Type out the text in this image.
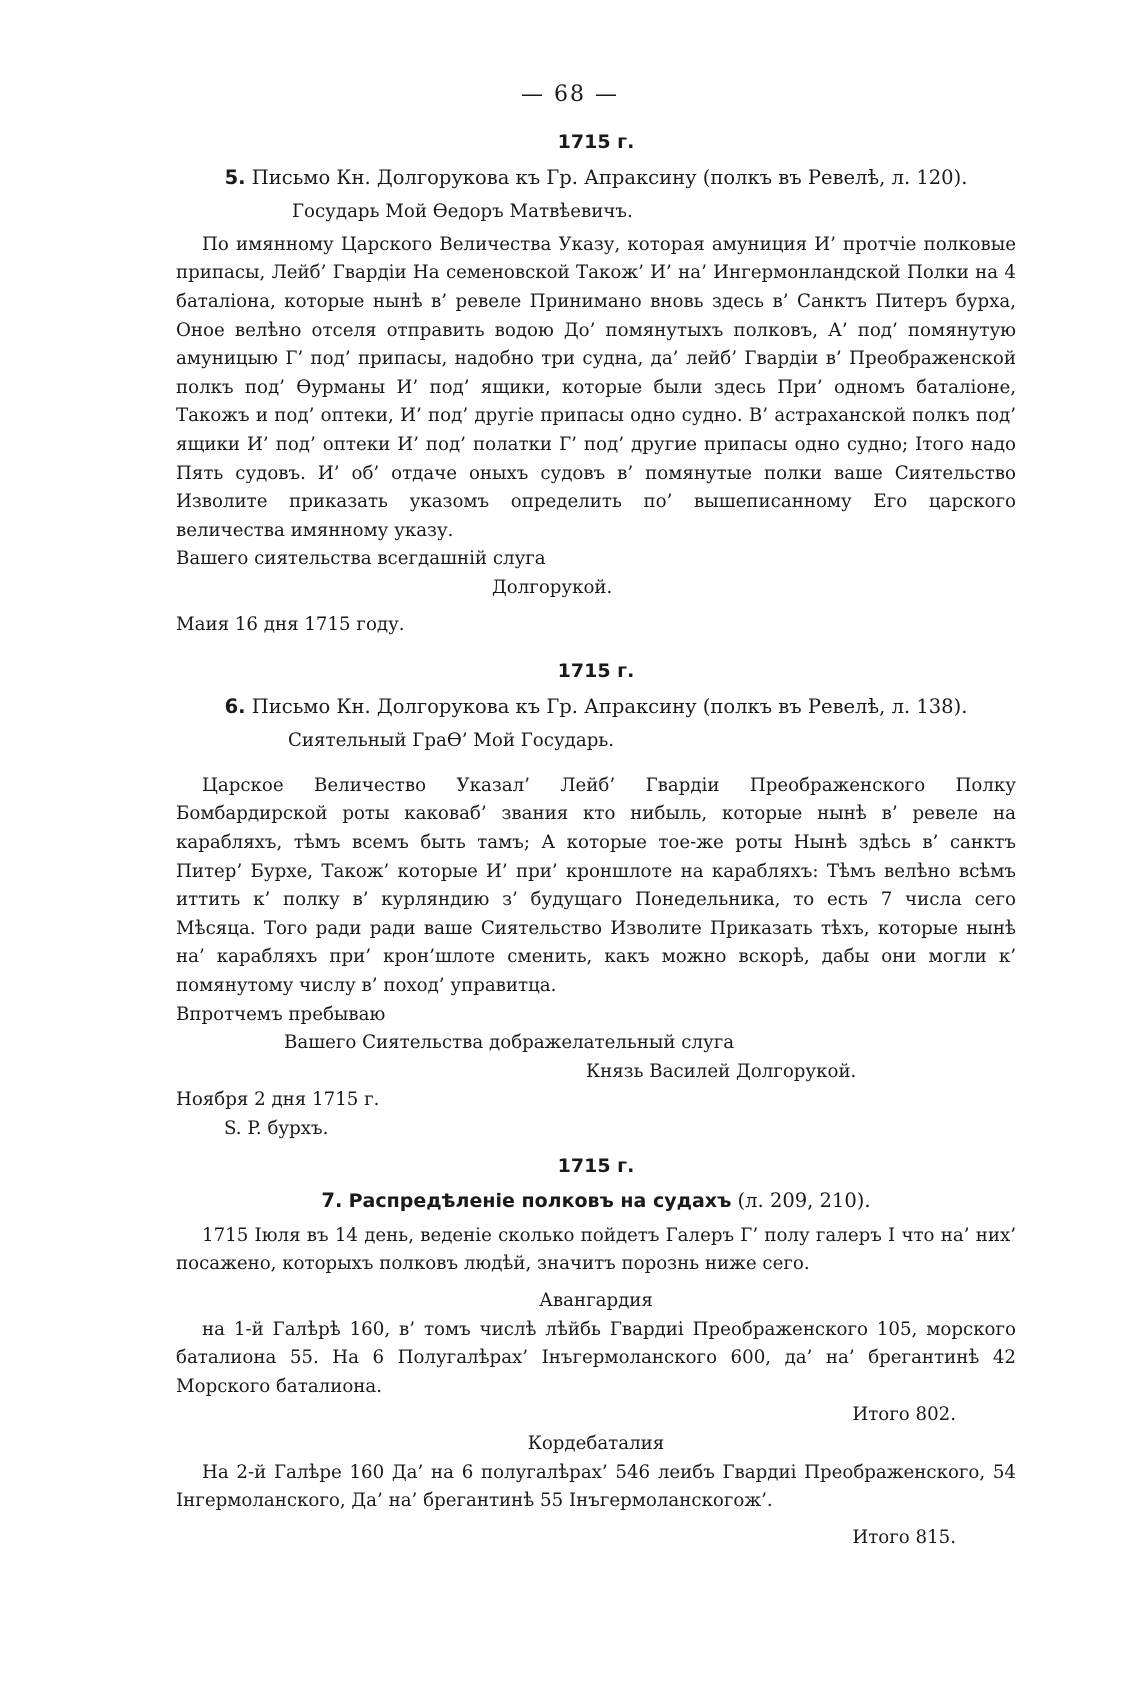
— 68 —
1715 г.
5. Письмо Кн. Долгорукова къ Гр. Апраксину (полкъ въ Ревелѣ, л. 120).

Государь Мой Ѳедоръ Матвѣевичъ.

По имянному Царского Величества Указу, которая амуниция И’ протчіе полковые припасы, Лейб’ Гвардіи На семеновской Також’ И’ на’ Ингермонландской Полки на 4 баталіона, которые нынѣ в’ ревеле Принимано вновь здесь в’ Санктъ Питеръ бурха, Оное велѣно отселя отправить водою До’ помянутыхъ полковъ, А’ под’ помянутую амуницыю Г’ под’ припасы, надобно три судна, да’ лейб’ Гвардіи в’ Преображенской полкъ под’ Ѳурманы И’ под’ ящики, которые были здесь При’ одномъ баталіоне, Такожъ и под’ оптеки, И’ под’ другіе припасы одно судно. В’ астраханской полкъ под’ ящики И’ под’ оптеки И’ под’ полатки Г’ под’ другие припасы одно судно; Ітого надо Пять судовъ. И’ об’ отдаче оныхъ судовъ в’ помянутые полки ваше Сиятельство Изволите приказать указомъ определить по’ вышеписанному Его царского величества имянному указу.

Вашего сиятельства всегдашній слуга

Долгорукой.

Маия 16 дня 1715 году.

1715 г.
6. Письмо Кн. Долгорукова къ Гр. Апраксину (полкъ въ Ревелѣ, л. 138).

Сиятельный ГраѲ’ Мой Государь.

Царское Величество Указал’ Лейб’ Гвардіи Преображенского Полку Бомбардирской роты каковаб’ звания кто нибыль, которые нынѣ в’ ревеле на карабляхъ, тѣмъ всемъ быть тамъ; А которые тое-же роты Нынѣ здѣсь в’ санктъ Питер’ Бурхе, Також’ которые И’ при’ кроншлоте на карабляхъ: Тѣмъ велѣно всѣмъ иттить к’ полку в’ курляндию з’ будущаго Понедельника, то есть 7 числа сего Мѣсяца. Того ради ради ваше Сиятельство Изволите Приказать тѣхъ, которые нынѣ на’ карабляхъ при’ крон’шлоте сменить, какъ можно вскорѣ, дабы они могли к’ помянутому числу в’ поход’ управитца.

Впротчемъ пребываю

Вашего Сиятельства дображелательный слуга

Князь Василей Долгорукой.

Ноября 2 дня 1715 г.

S. P. бурхъ.

1715 г.
7. Распредѣленіе полковъ на судахъ (л. 209, 210).

1715 Іюля въ 14 день, веденіе сколько пойдетъ Галеръ Г’ полу галеръ І что на’ них’ посажено, которыхъ полковъ людѣй, значитъ порознь ниже сего.

Авангардия

на 1-й Галѣрѣ 160, в’ томъ числѣ лѣйбь Гвардиі Преображенского 105, морского баталиона 55. На 6 Полугалѣрах’ Інъгермоланского 600, да’ на’ брегантинѣ 42 Морского баталиона.

Итого 802.

Кордебаталия

На 2-й Галѣре 160 Да’ на 6 полугалѣрах’ 546 леибъ Гвардиі Преображенского, 54 Інгермоланского, Да’ на’ брегантинѣ 55 Інъгермоланскогож’.

Итого 815.
